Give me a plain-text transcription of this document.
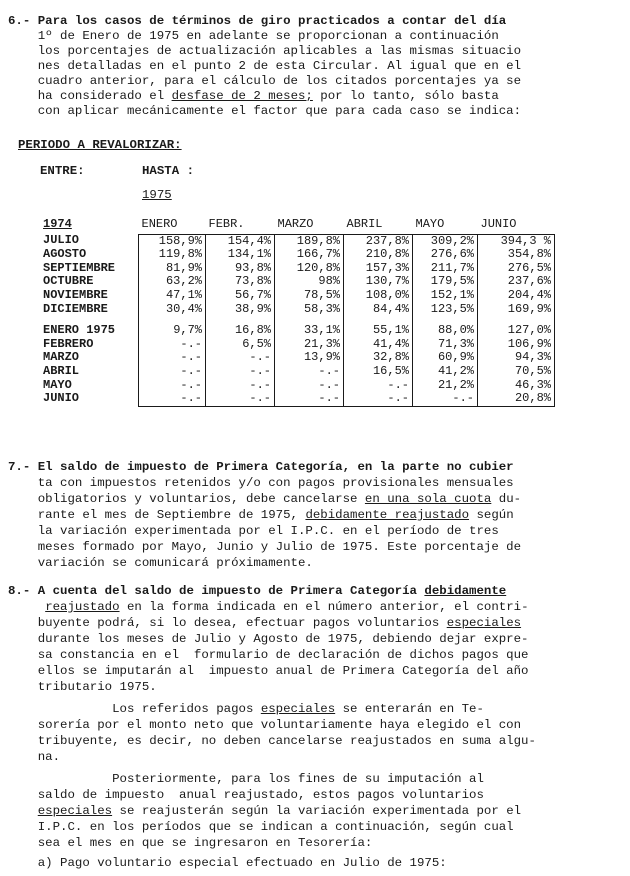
6.- Para los casos de términos de giro practicados a contar del día
1º de Enero de 1975 en adelante se proporcionan a continuación
los porcentajes de actualización aplicables a las mismas situacio
nes detalladas en el punto 2 de esta Circular. Al igual que en el
cuadro anterior, para el cálculo de los citados porcentajes ya se
ha considerado el desfase de 2 meses; por lo tanto, sólo basta
con aplicar mecánicamente el factor que para cada caso se indica:
PERIODO A REVALORIZAR:
ENTRE:	HASTA :
1975
1974	ENERO	FEBR.	MARZO	ABRIL	MAYO	JUNIO
JULIO	158,9%	154,4%	189,8%	237,8%	309,2%	394,3 %
AGOSTO	119,8%	134,1%	166,7%	210,8%	276,6%	354,8%
SEPTIEMBRE	81,9%	93,8%	120,8%	157,3%	211,7%	276,5%
OCTUBRE	63,2%	73,8%	98%	130,7%	179,5%	237,6%
NOVIEMBRE	47,1%	56,7%	78,5%	108,0%	152,1%	204,4%
DICIEMBRE	30,4%	38,9%	58,3%	84,4%	123,5%	169,9%

ENERO 1975	9,7%	16,8%	33,1%	55,1%	88,0%	127,0%
FEBRERO	-.-	6,5%	21,3%	41,4%	71,3%	106,9%
MARZO	-.-	-.-	13,9%	32,8%	60,9%	94,3%
ABRIL	-.-	-.-	-.-	16,5%	41,2%	70,5%
MAYO	-.-	-.-	-.-	-.-	21,2%	46,3%
JUNIO	-.-	-.-	-.-	-.-	-.-	20,8%
7.- El saldo de impuesto de Primera Categoría, en la parte no cubier
ta con impuestos retenidos y/o con pagos provisionales mensuales
obligatorios y voluntarios, debe cancelarse en una sola cuota du-
rante el mes de Septiembre de 1975, debidamente reajustado según
la variación experimentada por el I.P.C. en el período de tres
meses formado por Mayo, Junio y Julio de 1975. Este porcentaje de
variación se comunicará próximamente.
8.- A cuenta del saldo de impuesto de Primera Categoría debidamente
reajustado en la forma indicada en el número anterior, el contri-
buyente podrá, si lo desea, efectuar pagos voluntarios especiales
durante los meses de Julio y Agosto de 1975, debiendo dejar expre-
sa constancia en el  formulario de declaración de dichos pagos que
ellos se imputarán al  impuesto anual de Primera Categoría del año
tributario 1975.
Los referidos pagos especiales se enterarán en Te-
sorería por el monto neto que voluntariamente haya elegido el con
tribuyente, es decir, no deben cancelarse reajustados en suma algu-
na.
Posteriormente, para los fines de su imputación al
saldo de impuesto  anual reajustado, estos pagos voluntarios
especiales se reajusterán según la variación experimentada por el
I.P.C. en los períodos que se indican a continuación, según cual
sea el mes en que se ingresaron en Tesorería:
a) Pago voluntario especial efectuado en Julio de 1975:
